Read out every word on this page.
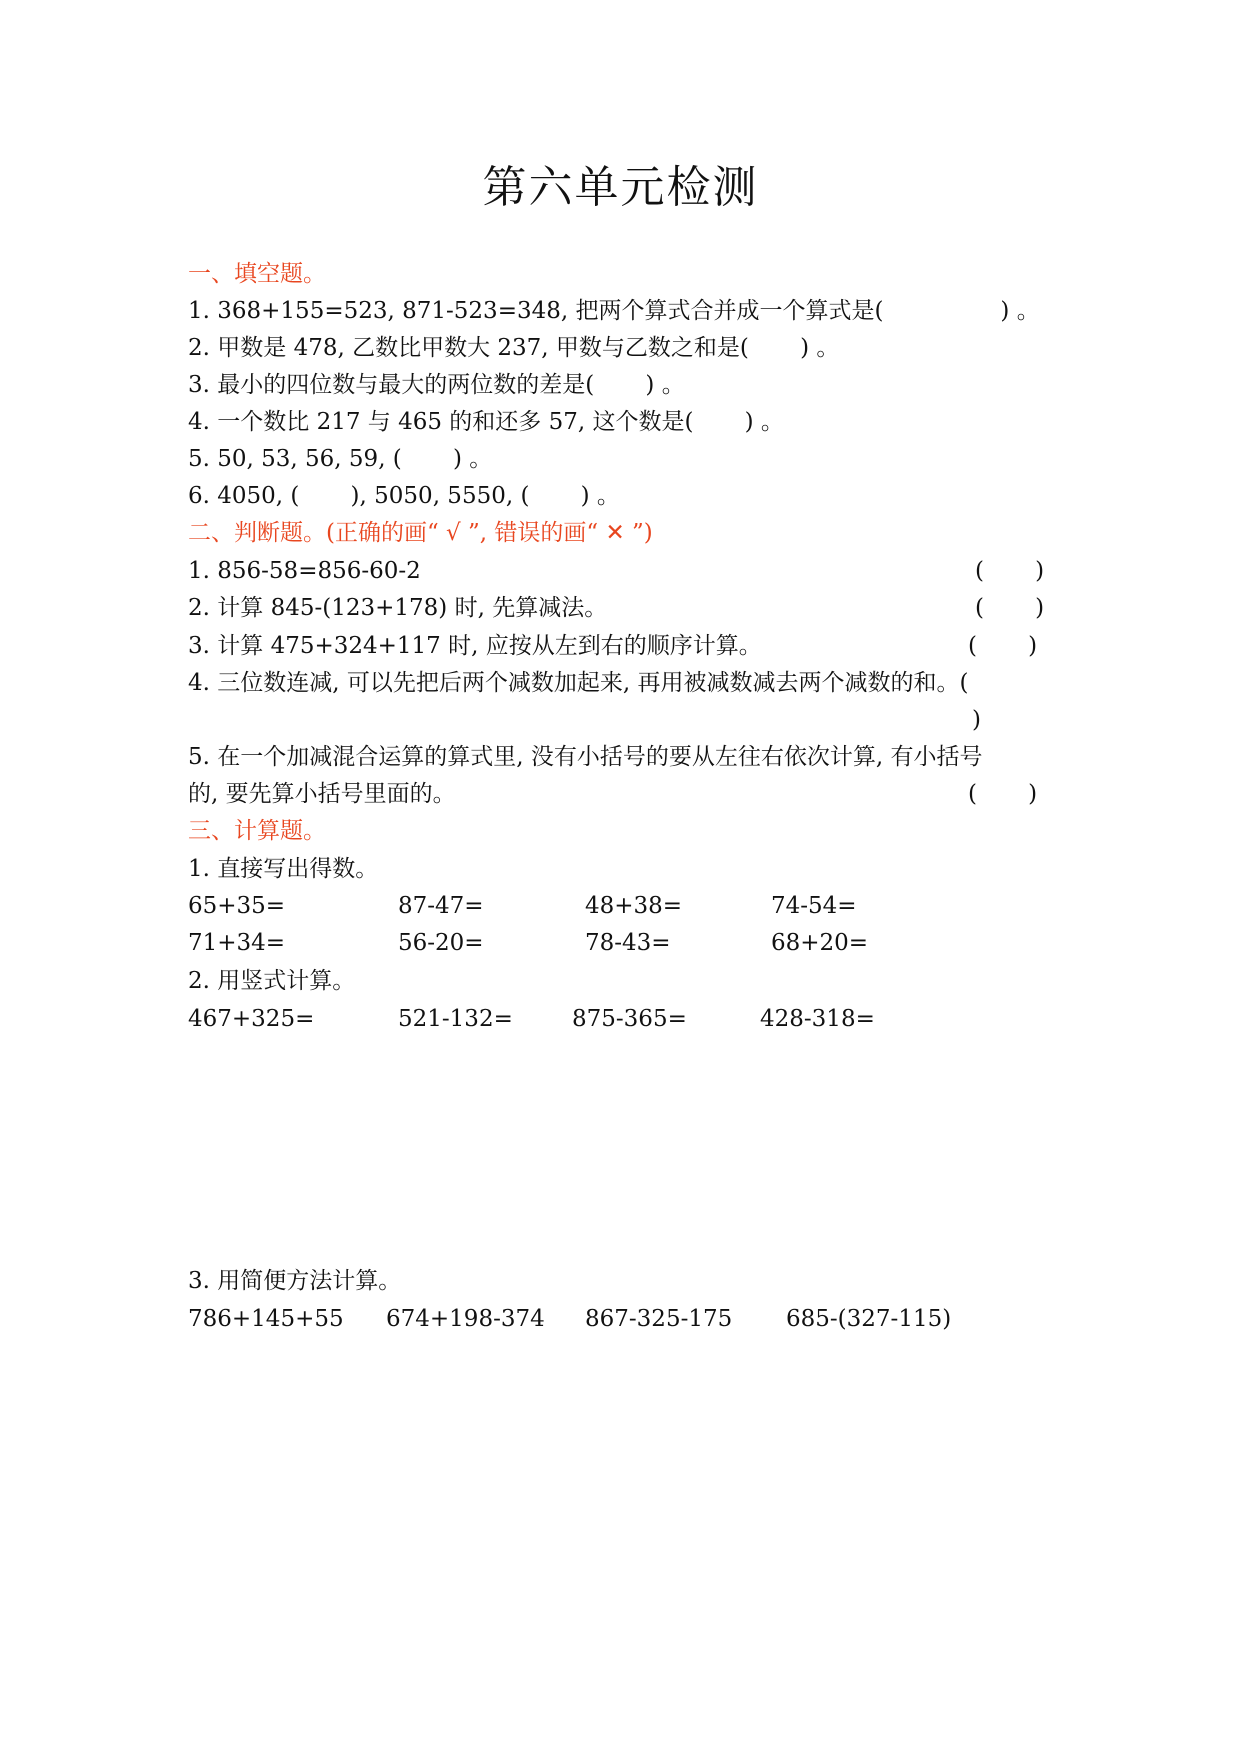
第六单元检测
一、填空题。
1. 368+155=523, 871-523=348, 把两个算式合并成一个算式是(                ) 。
2. 甲数是 478, 乙数比甲数大 237, 甲数与乙数之和是(       ) 。
3. 最小的四位数与最大的两位数的差是(       ) 。
4. 一个数比 217 与 465 的和还多 57, 这个数是(       ) 。
5. 50, 53, 56, 59, (       ) 。
6. 4050, (       ), 5050, 5550, (       ) 。
二、判断题。(正确的画“ √ ”, 错误的画“ ✕ ”)
1. 856-58=856-60-2	(       )
2. 计算 845-(123+178) 时, 先算减法。	(       )
3. 计算 475+324+117 时, 应按从左到右的顺序计算。	(       )
4. 三位数连减, 可以先把后两个减数加起来, 再用被减数减去两个减数的和。(
)
5. 在一个加减混合运算的算式里, 没有小括号的要从左往右依次计算, 有小括号
的, 要先算小括号里面的。	(       )
三、计算题。
1. 直接写出得数。
65+35=	87-47=	48+38=	74-54=
71+34=	56-20=	78-43=	68+20=
2. 用竖式计算。
467+325=	521-132=	875-365=	428-318=
3. 用简便方法计算。
786+145+55 674+198-374 867-325-175 685-(327-115)
